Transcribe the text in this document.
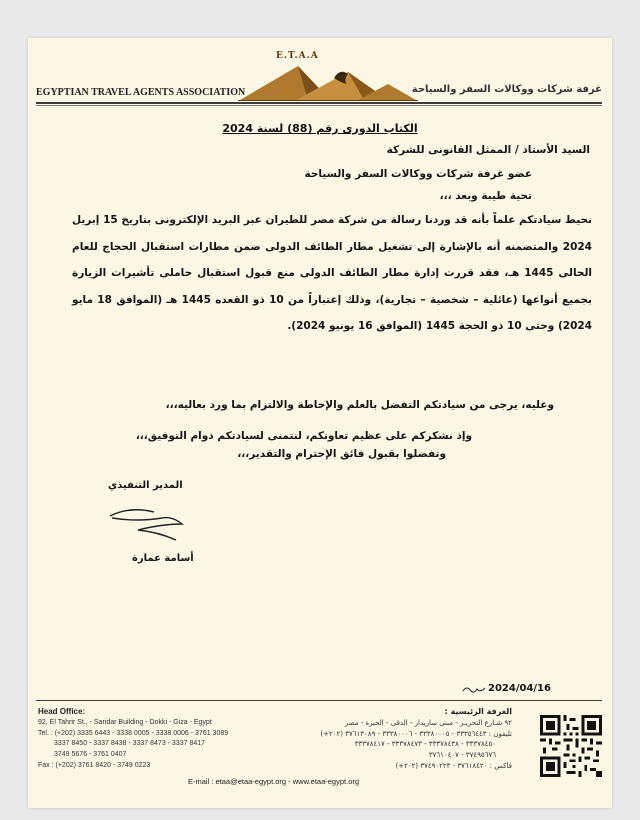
E.T.A.A
EGYPTIAN TRAVEL AGENTS ASSOCIATION	غرفة شركات ووكالات السفر والسياحة
الكتاب الدورى رقم (88) لسنة 2024
السيد الأستاذ / الممثل القانونى للشركة
عضو غرفة شركات ووكالات السفر والسياحة
تحية طيبة وبعد ،،،
نحيط سيادتكم علماً بأنه قد وردنا رسالة من شركة مصر للطيران عبر البريد الإلكترونى بتاريخ 15 إبريل 2024 والمتضمنه أنه بالإشارة إلى تشغيل مطار الطائف الدولى ضمن مطارات استقبال الحجاج للعام الحالى 1445 هـ، فقد قررت إدارة مطار الطائف الدولى منع قبول استقبال حاملى تأشيرات الزيارة بجميع أنواعها (عائلية – شخصية – تجارية)، وذلك إعتباراً من 10 ذو القعده 1445 هـ (الموافق 18 مايو 2024) وحتى 10 ذو الحجة 1445 (الموافق 16 يونيو 2024).
وعليه، يرجى من سيادتكم التفضل بالعلم والإحاطة والالتزام بما ورد بعاليه،،،
وإذ نشكركم على عظيم تعاونكم، لنتمنى لسيادتكم دوام التوفيق،،،
وتفضلوا بقبول فائق الإحترام والتقدير،،،
المدير التنفيذي
أسامة عمارة
2024/04/16
Head Office:
92, El Tahrir St., - Saridar Building - Dokki - Giza - Egypt
Tel. : (+202) 3335 6443 - 3338 0005 - 3338 0006 - 3761 3089
3337 8450 - 3337 8438 - 3337 8473 - 3337 8417
3749 5676 - 3761 0407
Fax : (+202) 3761 8420 - 3749 0223
الغرفة الرئيسية :
٩٢ شـارع التحريـر - مبنى ساريدار - الدقى - الجيزة - مصر
تليفون : ٣٣٣٥٦٤٤٣ - ٣٣٣٨٠٠٠٥ - ٣٣٣٨٠٠٠٦ - ٣٧٦١٣٠٨٩ (٢٠٢+)
٣٣٣٧٨٤٥٠ - ٣٣٣٧٨٤٣٨ - ٣٣٣٧٨٤٧٣ - ٣٣٣٧٨٤١٧
٣٧٤٩٥٦٧٦ - ٣٧٦١٠٤٠٧
فاكس : ٣٧٦١٨٤٢٠ - ٣٧٤٩٠٢٢٣ (٢٠٢+)
E-mail : etaa@etaa-egypt.org - www.etaa-egypt.org
